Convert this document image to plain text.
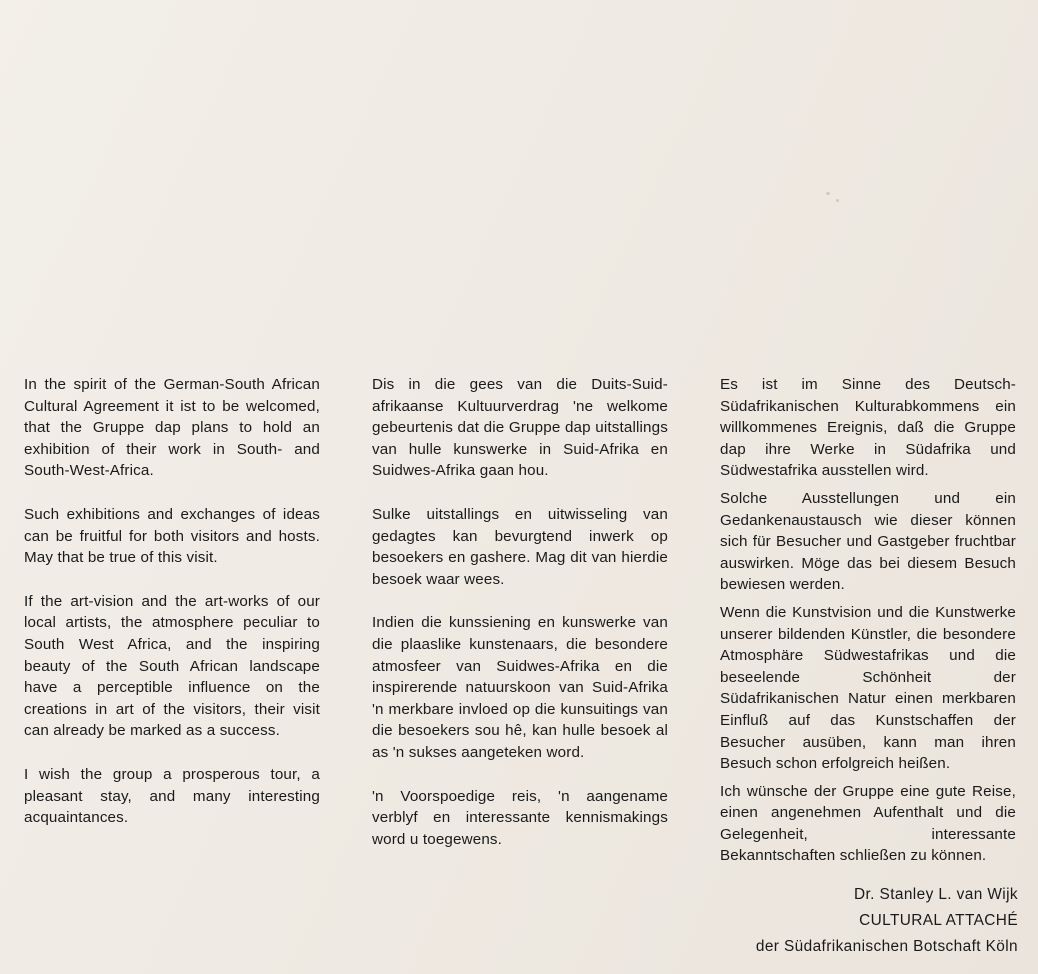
In the spirit of the German-South African Cultural Agreement it ist to be welcomed, that the Gruppe dap plans to hold an exhibition of their work in South- and South-West-Africa.

Such exhibitions and exchanges of ideas can be fruitful for both visitors and hosts. May that be true of this visit.

If the art-vision and the art-works of our local artists, the atmosphere peculiar to South West Africa, and the inspiring beauty of the South African landscape have a perceptible influence on the creations in art of the visitors, their visit can already be marked as a success.

I wish the group a prosperous tour, a pleasant stay, and many interesting acquaintances.

Dis in die gees van die Duits-Suid-afrikaanse Kultuurverdrag 'ne welkome gebeurtenis dat die Gruppe dap uitstallings van hulle kunswerke in Suid-Afrika en Suidwes-Afrika gaan hou.

Sulke uitstallings en uitwisseling van gedagtes kan bevurgtend inwerk op besoekers en gashere. Mag dit van hierdie besoek waar wees.

Indien die kunssiening en kunswerke van die plaaslike kunstenaars, die besondere atmosfeer van Suidwes-Afrika en die inspirerende natuurskoon van Suid-Afrika 'n merkbare invloed op die kunsuitings van die besoekers sou hê, kan hulle besoek al as 'n sukses aangeteken word.

'n Voorspoedige reis, 'n aangename verblyf en interessante kennismakings word u toegewens.

Es ist im Sinne des Deutsch-Südafrikanischen Kulturabkommens ein willkommenes Ereignis, daß die Gruppe dap ihre Werke in Südafrika und Südwestafrika ausstellen wird.

Solche Ausstellungen und ein Gedankenaustausch wie dieser können sich für Besucher und Gastgeber fruchtbar auswirken. Möge das bei diesem Besuch bewiesen werden.

Wenn die Kunstvision und die Kunstwerke unserer bildenden Künstler, die besondere Atmosphäre Südwestafrikas und die beseelende Schönheit der Südafrikanischen Natur einen merkbaren Einfluß auf das Kunstschaffen der Besucher ausüben, kann man ihren Besuch schon erfolgreich heißen.

Ich wünsche der Gruppe eine gute Reise, einen angenehmen Aufenthalt und die Gelegenheit, interessante Bekanntschaften schließen zu können.

Dr. Stanley L. van Wijk
CULTURAL ATTACHÉ
der Südafrikanischen Botschaft Köln
